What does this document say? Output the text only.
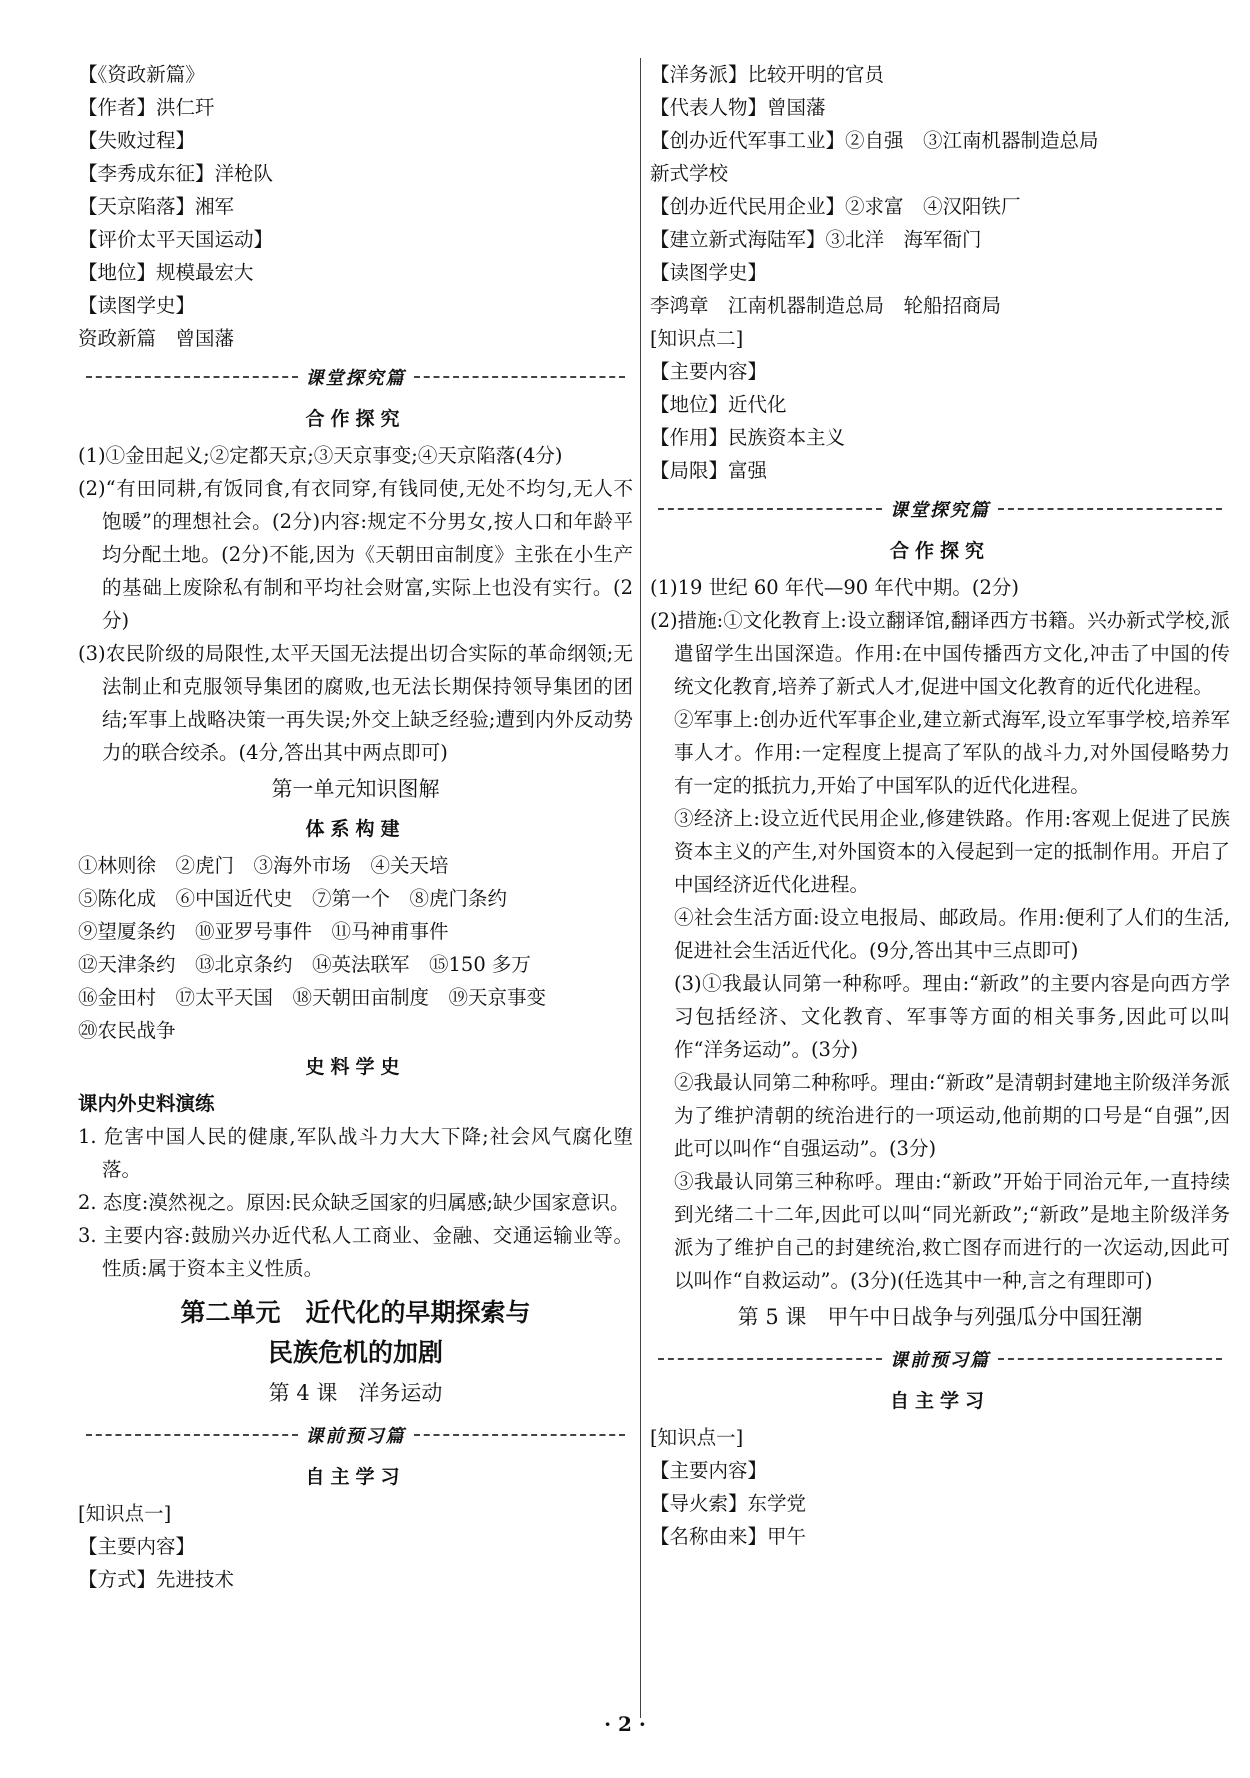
【《资政新篇》
【作者】洪仁玕
【失败过程】
【李秀成东征】洋枪队
【天京陷落】湘军
【评价太平天国运动】
【地位】规模最宏大
【读图学史】
资政新篇　曾国藩
课堂探究篇
合作探究
(1)①金田起义;②定都天京;③天京事变;④天京陷落(4分)
(2)“有田同耕,有饭同食,有衣同穿,有钱同使,无处不均匀,无人不饱暖”的理想社会。(2分)内容:规定不分男女,按人口和年龄平均分配土地。(2分)不能,因为《天朝田亩制度》主张在小生产的基础上废除私有制和平均社会财富,实际上也没有实行。(2分)
(3)农民阶级的局限性,太平天国无法提出切合实际的革命纲领;无法制止和克服领导集团的腐败,也无法长期保持领导集团的团结;军事上战略决策一再失误;外交上缺乏经验;遭到内外反动势力的联合绞杀。(4分,答出其中两点即可)
第一单元知识图解
体系构建
①林则徐　②虎门　③海外市场　④关天培
⑤陈化成　⑥中国近代史　⑦第一个　⑧虎门条约
⑨望厦条约　⑩亚罗号事件　⑪马神甫事件
⑫天津条约　⑬北京条约　⑭英法联军　⑮150 多万
⑯金田村　⑰太平天国　⑱天朝田亩制度　⑲天京事变
⑳农民战争
史料学史
课内外史料演练
1. 危害中国人民的健康,军队战斗力大大下降;社会风气腐化堕落。
2. 态度:漠然视之。原因:民众缺乏国家的归属感;缺少国家意识。
3. 主要内容:鼓励兴办近代私人工商业、金融、交通运输业等。性质:属于资本主义性质。
第二单元　近代化的早期探索与
民族危机的加剧
第 4 课　洋务运动
课前预习篇
自主学习
[知识点一]
【主要内容】
【方式】先进技术
【洋务派】比较开明的官员
【代表人物】曾国藩
【创办近代军事工业】②自强　③江南机器制造总局
新式学校
【创办近代民用企业】②求富　④汉阳铁厂
【建立新式海陆军】③北洋　海军衙门
【读图学史】
李鸿章　江南机器制造总局　轮船招商局
[知识点二]
【主要内容】
【地位】近代化
【作用】民族资本主义
【局限】富强
课堂探究篇
合作探究
(1)19 世纪 60 年代—90 年代中期。(2分)
(2)措施:①文化教育上:设立翻译馆,翻译西方书籍。兴办新式学校,派遣留学生出国深造。作用:在中国传播西方文化,冲击了中国的传统文化教育,培养了新式人才,促进中国文化教育的近代化进程。
②军事上:创办近代军事企业,建立新式海军,设立军事学校,培养军事人才。作用:一定程度上提高了军队的战斗力,对外国侵略势力有一定的抵抗力,开始了中国军队的近代化进程。
③经济上:设立近代民用企业,修建铁路。作用:客观上促进了民族资本主义的产生,对外国资本的入侵起到一定的抵制作用。开启了中国经济近代化进程。
④社会生活方面:设立电报局、邮政局。作用:便利了人们的生活,促进社会生活近代化。(9分,答出其中三点即可)
(3)①我最认同第一种称呼。理由:“新政”的主要内容是向西方学习包括经济、文化教育、军事等方面的相关事务,因此可以叫作“洋务运动”。(3分)
②我最认同第二种称呼。理由:“新政”是清朝封建地主阶级洋务派为了维护清朝的统治进行的一项运动,他前期的口号是“自强”,因此可以叫作“自强运动”。(3分)
③我最认同第三种称呼。理由:“新政”开始于同治元年,一直持续到光绪二十二年,因此可以叫“同光新政”;“新政”是地主阶级洋务派为了维护自己的封建统治,救亡图存而进行的一次运动,因此可以叫作“自救运动”。(3分)(任选其中一种,言之有理即可)
第 5 课　甲午中日战争与列强瓜分中国狂潮
课前预习篇
自主学习
[知识点一]
【主要内容】
【导火索】东学党
【名称由来】甲午
· 2 ·
